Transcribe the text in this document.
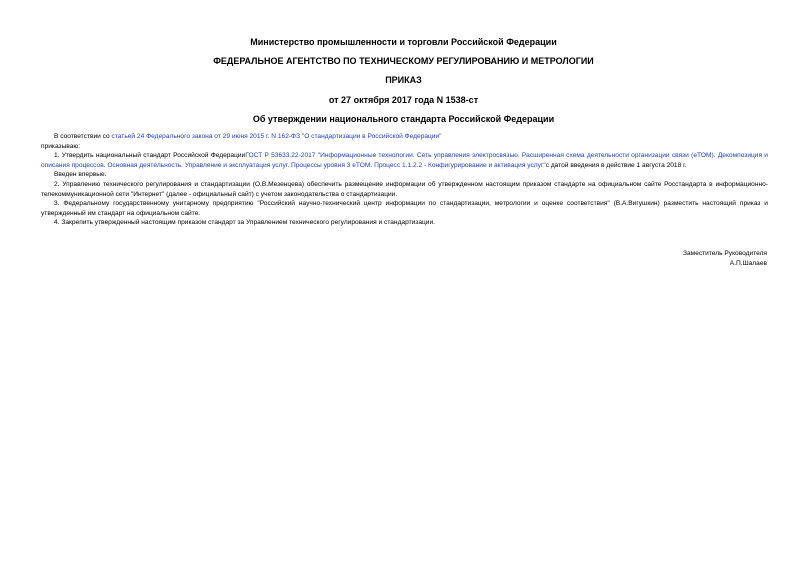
Министерство промышленности и торговли Российской Федерации
ФЕДЕРАЛЬНОЕ АГЕНТСТВО ПО ТЕХНИЧЕСКОМУ РЕГУЛИРОВАНИЮ И МЕТРОЛОГИИ
ПРИКАЗ
от 27 октября 2017 года N 1538-ст
Об утверждении национального стандарта Российской Федерации

В соответствии со статьей 24 Федерального закона от 29 июня 2015 г. N 162-ФЗ "О стандартизации в Российской Федерации"

приказываю:

1. Утвердить национальный стандарт Российской ФедерацииГОСТ Р 53633.22-2017 "Информационные технологии. Сеть управления электросвязью. Расширенная схема деятельности организации связи (eTOM). Декомпозиция и описания процессов. Основная деятельность. Управление и эксплуатация услуг. Процессы уровня 3 eTOM. Процесс 1.1.2.2 - Конфигурирование и активация услуг"с датой введения в действие 1 августа 2018 г.

Введен впервые.

2. Управлению технического регулирования и стандартизации (О.В.Мезенцева) обеспечить размещение информации об утвержденном настоящим приказом стандарте на официальном сайте Росстандарта в информационно-телекоммуникационной сети "Интернет" (далее - официальный сайт) с учетом законодательства о стандартизации.

3. Федеральному государственному унитарному предприятию "Российский научно-технический центр информации по стандартизации, метрологии и оценке соответствия" (В.А.Вигушкин) разместить настоящий приказ и утвержденный им стандарт на официальном сайте.

4. Закрепить утвержденный настоящим приказом стандарт за Управлением технического регулирования и стандартизации.

Заместитель Руководителя
А.П.Шалаев
